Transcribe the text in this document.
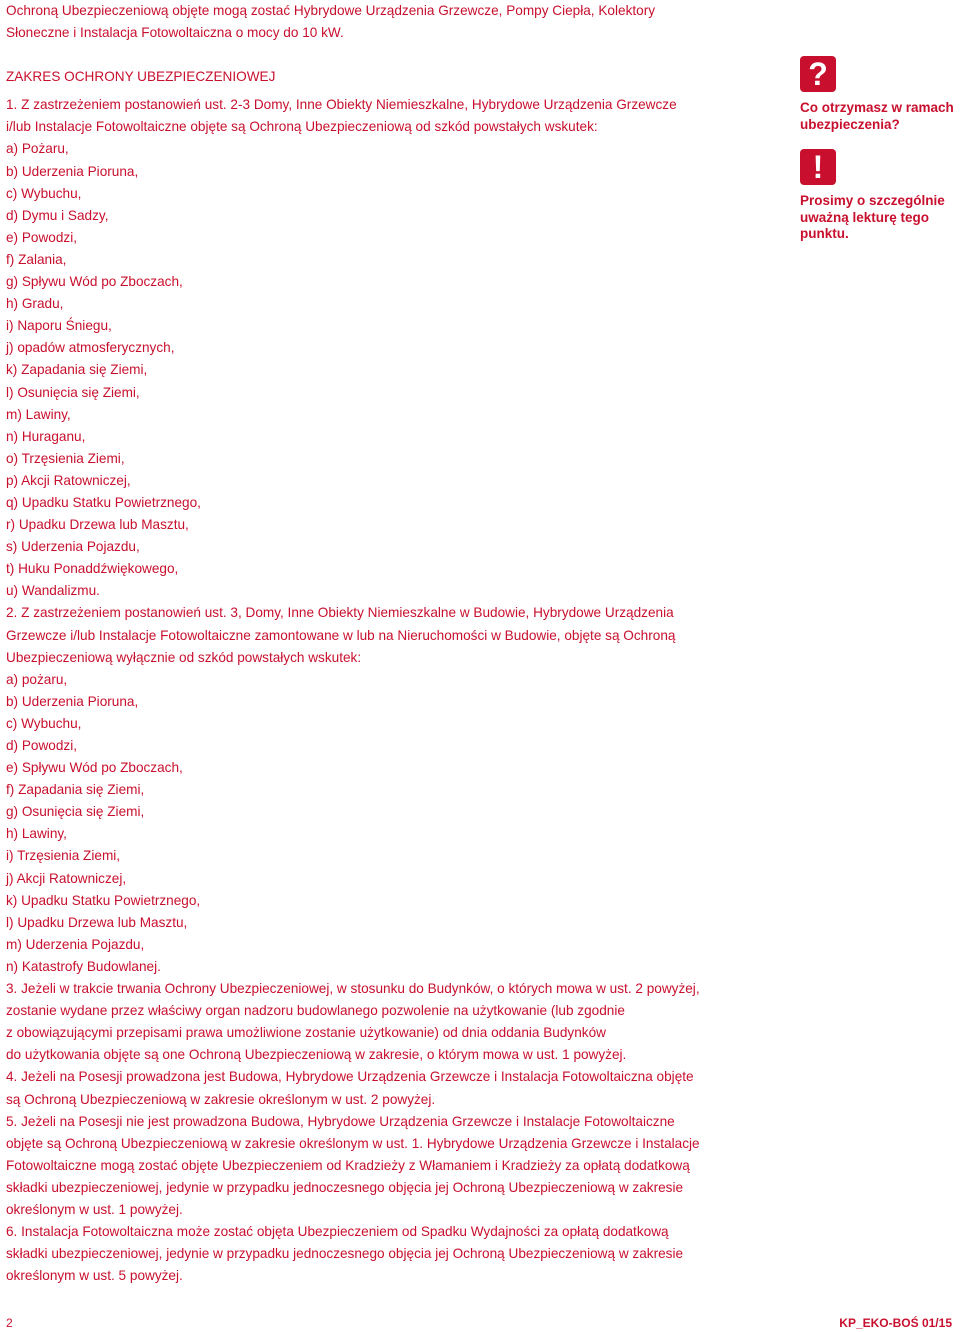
Ochroną Ubezpieczeniową objęte mogą zostać Hybrydowe Urządzenia Grzewcze, Pompy Ciepła, Kolektory

Słoneczne i Instalacja Fotowoltaiczna o mocy do 10 kW.

ZAKRES OCHRONY UBEZPIECZENIOWEJ

1. Z zastrzeżeniem postanowień ust. 2-3 Domy, Inne Obiekty Niemieszkalne, Hybrydowe Urządzenia Grzewcze

i/lub Instalacje Fotowoltaiczne objęte są Ochroną Ubezpieczeniową od szkód powstałych wskutek:

a) Pożaru,

b) Uderzenia Pioruna,

c) Wybuchu,

d) Dymu i Sadzy,

e) Powodzi,

f) Zalania,

g) Spływu Wód po Zboczach,

h) Gradu,

i) Naporu Śniegu,

j) opadów atmosferycznych,

k) Zapadania się Ziemi,

l) Osunięcia się Ziemi,

m) Lawiny,

n) Huraganu,

o) Trzęsienia Ziemi,

p) Akcji Ratowniczej,

q) Upadku Statku Powietrznego,

r) Upadku Drzewa lub Masztu,

s) Uderzenia Pojazdu,

t) Huku Ponaddźwiękowego,

u) Wandalizmu.

2. Z zastrzeżeniem postanowień ust. 3, Domy, Inne Obiekty Niemieszkalne w Budowie, Hybrydowe Urządzenia

Grzewcze i/lub Instalacje Fotowoltaiczne zamontowane w lub na Nieruchomości w Budowie, objęte są Ochroną

Ubezpieczeniową wyłącznie od szkód powstałych wskutek:

a) pożaru,

b) Uderzenia Pioruna,

c) Wybuchu,

d) Powodzi,

e) Spływu Wód po Zboczach,

f) Zapadania się Ziemi,

g) Osunięcia się Ziemi,

h) Lawiny,

i) Trzęsienia Ziemi,

j) Akcji Ratowniczej,

k) Upadku Statku Powietrznego,

l) Upadku Drzewa lub Masztu,

m) Uderzenia Pojazdu,

n) Katastrofy Budowlanej.

3. Jeżeli w trakcie trwania Ochrony Ubezpieczeniowej, w stosunku do Budynków, o których mowa w ust. 2 powyżej,

zostanie wydane przez właściwy organ nadzoru budowlanego pozwolenie na użytkowanie (lub zgodnie

z obowiązującymi przepisami prawa umożliwione zostanie użytkowanie) od dnia oddania Budynków

do użytkowania objęte są one Ochroną Ubezpieczeniową w zakresie, o którym mowa w ust. 1 powyżej.

4. Jeżeli na Posesji prowadzona jest Budowa, Hybrydowe Urządzenia Grzewcze i Instalacja Fotowoltaiczna objęte

są Ochroną Ubezpieczeniową w zakresie określonym w ust. 2 powyżej.

5. Jeżeli na Posesji nie jest prowadzona Budowa, Hybrydowe Urządzenia Grzewcze i Instalacje Fotowoltaiczne

objęte są Ochroną Ubezpieczeniową w zakresie określonym w ust. 1. Hybrydowe Urządzenia Grzewcze i Instalacje

Fotowoltaiczne mogą zostać objęte Ubezpieczeniem od Kradzieży z Włamaniem i Kradzieży za opłatą dodatkową

składki ubezpieczeniowej, jedynie w przypadku jednoczesnego objęcia jej Ochroną Ubezpieczeniową w zakresie

określonym w ust. 1 powyżej.

6. Instalacja Fotowoltaiczna może zostać objęta Ubezpieczeniem od Spadku Wydajności za opłatą dodatkową

składki ubezpieczeniowej, jedynie w przypadku jednoczesnego objęcia jej Ochroną Ubezpieczeniową w zakresie

określonym w ust. 5 powyżej.

?
Co otrzymasz w ramach ubezpieczenia?
!
Prosimy o szczególnie uważną lekturę tego punktu.
2	KP_EKO-BOŚ 01/15
